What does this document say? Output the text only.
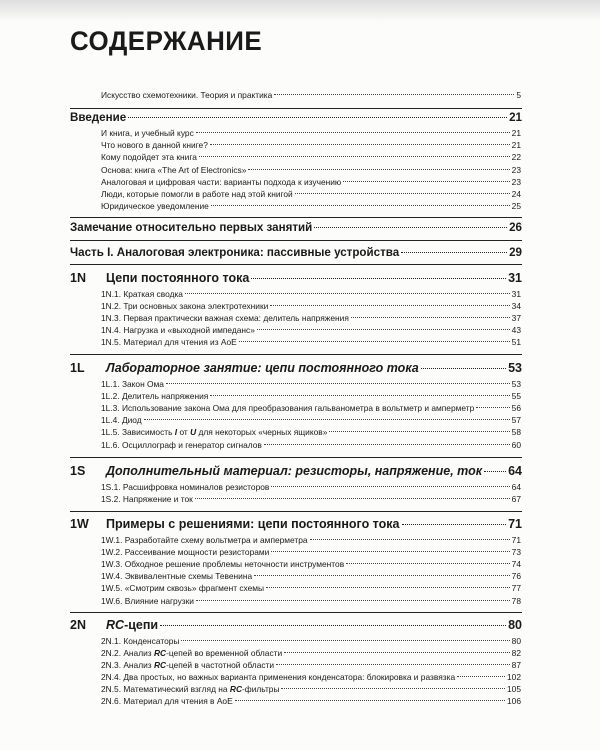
СОДЕРЖАНИЕ
Искусство схемотехники. Теория и практика	5
Введение	21
И книга, и учебный курс	21
Что нового в данной книге?	21
Кому подойдет эта книга	22
Основа: книга «The Art of Electronics»	23
Аналоговая и цифровая части: варианты подхода к изучению	23
Люди, которые помогли в работе над этой книгой	24
Юридическое уведомление	25
Замечание относительно первых занятий	26
Часть I. Аналоговая электроника: пассивные устройства	29
1N Цепи постоянного тока	31
1N.1. Краткая сводка	31
1N.2. Три основных закона электротехники	34
1N.3. Первая практически важная схема: делитель напряжения	37
1N.4. Нагрузка и «выходной импеданс»	43
1N.5. Материал для чтения из AoE	51
1L Лабораторное занятие: цепи постоянного тока	53
1L.1. Закон Ома	53
1L.2. Делитель напряжения	55
1L.3. Использование закона Ома для преобразования гальванометра в вольтметр и амперметр	56
1L.4. Диод	57
1L.5. Зависимость I от U для некоторых «черных ящиков»	58
1L.6. Осциллограф и генератор сигналов	60
1S Дополнительный материал: резисторы, напряжение, ток 64
1S.1. Расшифровка номиналов резисторов	64
1S.2. Напряжение и ток	67
1W Примеры с решениями: цепи постоянного тока	71
1W.1. Разработайте схему вольтметра и амперметра	71
1W.2. Рассеивание мощности резисторами	73
1W.3. Обходное решение проблемы неточности инструментов	74
1W.4. Эквивалентные схемы Тевенина	76
1W.5. «Смотрим сквозь» фрагмент схемы	77
1W.6. Влияние нагрузки	78
2N RC-цепи	80
2N.1. Конденсаторы	80
2N.2. Анализ RC-цепей во временной области	82
2N.3. Анализ RC-цепей в частотной области	87
2N.4. Два простых, но важных варианта применения конденсатора: блокировка и развязка	102
2N.5. Математический взгляд на RC-фильтры	105
2N.6. Материал для чтения в AoE	106
